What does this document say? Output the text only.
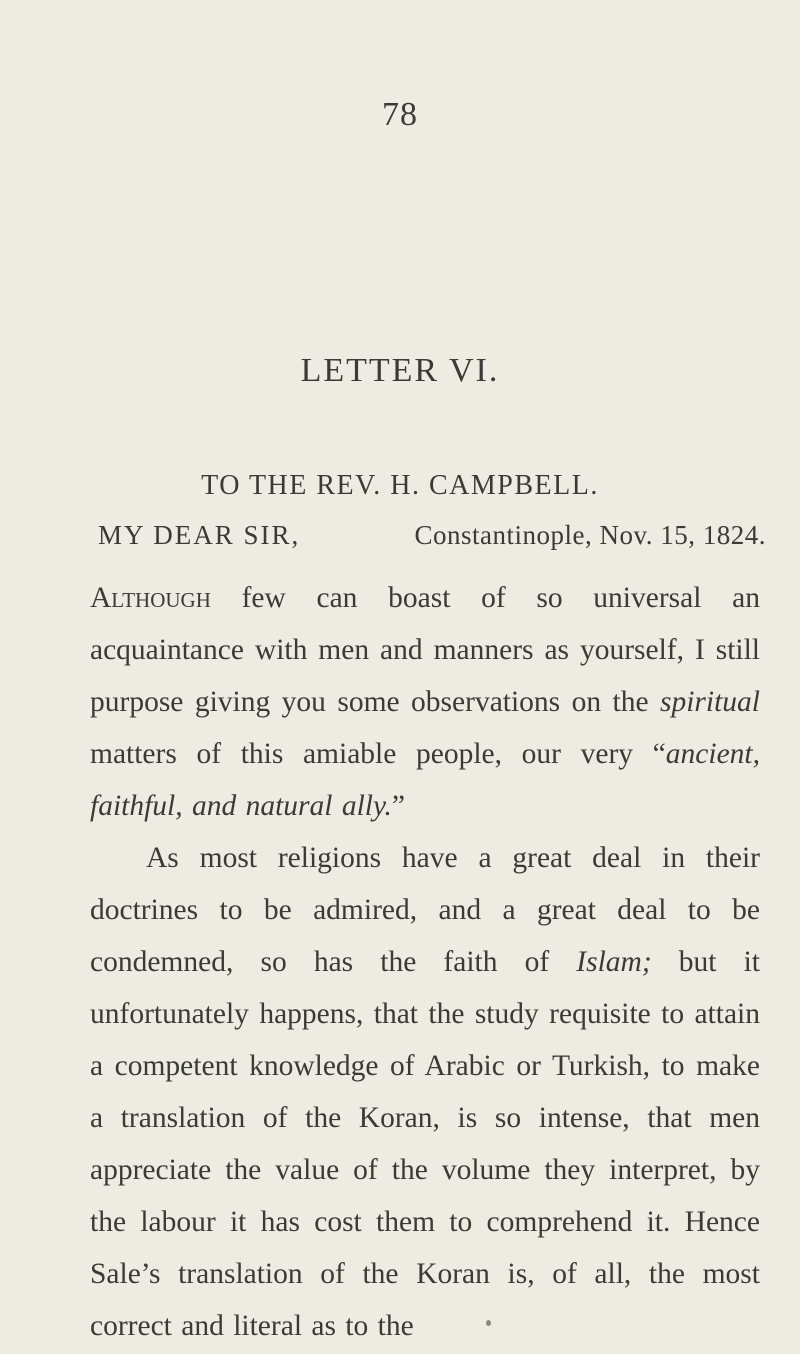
78
LETTER VI.
TO THE REV. H. CAMPBELL.
MY DEAR SIR,	Constantinople, Nov. 15, 1824.

Although few can boast of so universal an acquaintance with men and manners as yourself, I still purpose giving you some observations on the spiritual matters of this amiable people, our very “ancient, faithful, and natural ally.”

As most religions have a great deal in their doctrines to be admired, and a great deal to be condemned, so has the faith of Islam; but it unfortunately happens, that the study requisite to attain a competent knowledge of Arabic or Turkish, to make a translation of the Koran, is so intense, that men appreciate the value of the volume they interpret, by the labour it has cost them to comprehend it. Hence Sale’s translation of the Koran is, of all, the most correct and literal as to the
